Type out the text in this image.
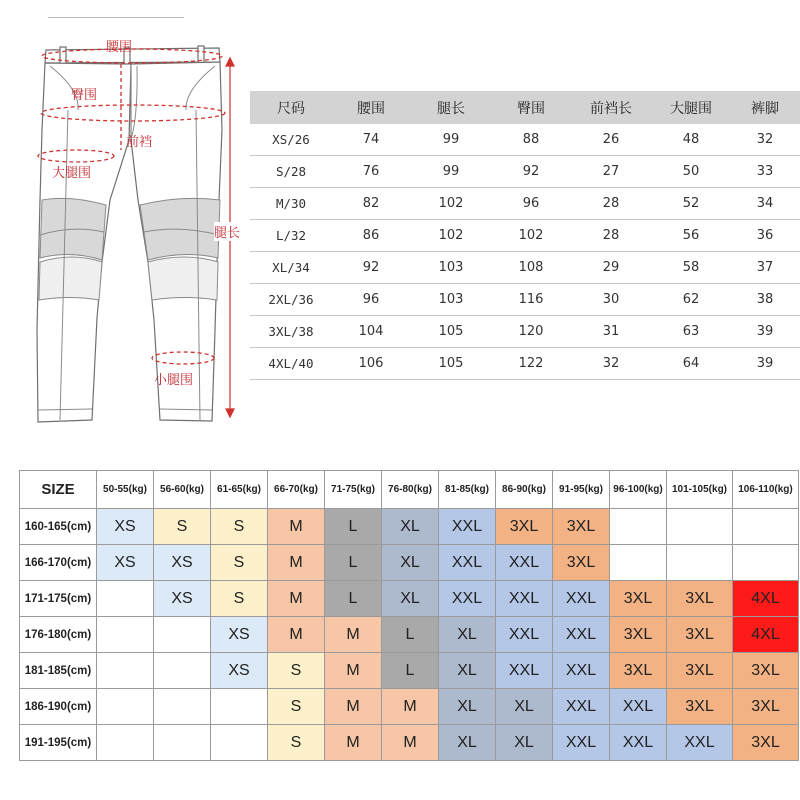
腰围
臀围
前裆
大腿围
腿长
小腿围
尺码	腰围	腿长	臀围	前裆长	大腿围	裤脚
XS/26	74	99	88	26	48	32
S/28	76	99	92	27	50	33
M/30	82	102	96	28	52	34
L/32	86	102	102	28	56	36
XL/34	92	103	108	29	58	37
2XL/36	96	103	116	30	62	38
3XL/38	104	105	120	31	63	39
4XL/40	106	105	122	32	64	39
SIZE	50-55(kg)	56-60(kg)	61-65(kg)	66-70(kg)	71-75(kg)	76-80(kg)	81-85(kg)	86-90(kg)	91-95(kg)	96-100(kg)	101-105(kg)	106-110(kg)
160-165(cm)	XS	S	S	M	L	XL	XXL	3XL	3XL			
166-170(cm)	XS	XS	S	M	L	XL	XXL	XXL	3XL			
171-175(cm)		XS	S	M	L	XL	XXL	XXL	XXL	3XL	3XL	4XL
176-180(cm)			XS	M	M	L	XL	XXL	XXL	3XL	3XL	4XL
181-185(cm)			XS	S	M	L	XL	XXL	XXL	3XL	3XL	3XL
186-190(cm)				S	M	M	XL	XL	XXL	XXL	3XL	3XL
191-195(cm)				S	M	M	XL	XL	XXL	XXL	XXL	3XL
